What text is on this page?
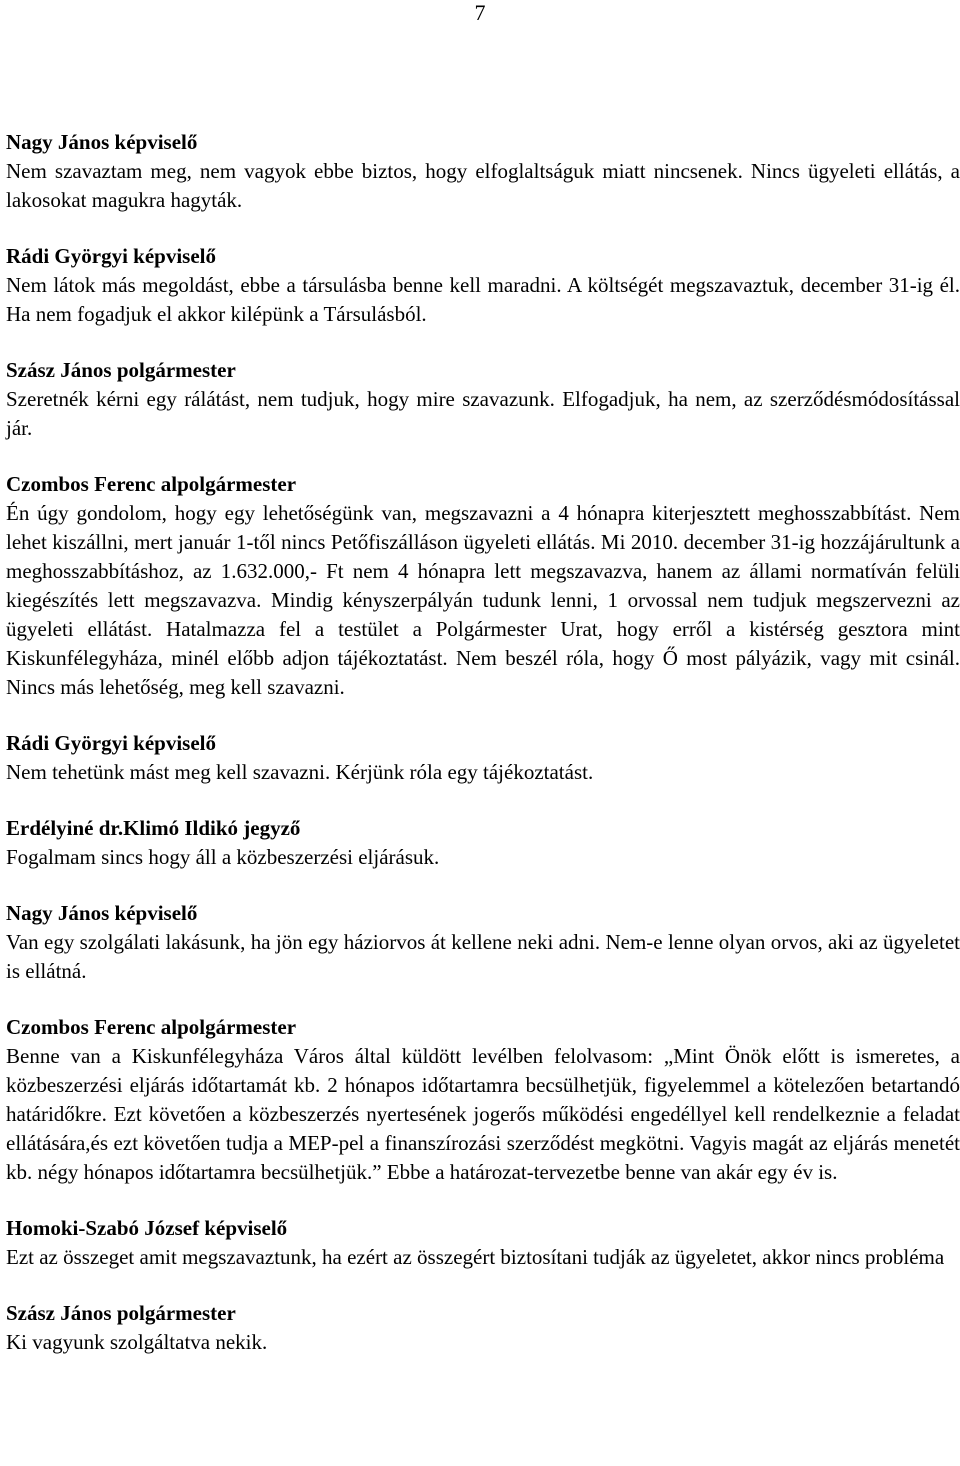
7
Nagy János képviselő

Nem szavaztam meg, nem vagyok ebbe biztos, hogy elfoglaltságuk miatt nincsenek. Nincs ügyeleti ellátás, a lakosokat magukra hagyták.

Rádi Györgyi képviselő

Nem látok más megoldást, ebbe a társulásba benne kell maradni. A költségét megszavaztuk, december 31-ig él. Ha nem fogadjuk el akkor kilépünk a Társulásból.

Szász János polgármester

Szeretnék kérni egy rálátást, nem tudjuk, hogy mire szavazunk. Elfogadjuk, ha nem, az szerződésmódosítással jár.

Czombos Ferenc alpolgármester

Én úgy gondolom, hogy egy lehetőségünk van, megszavazni a 4 hónapra kiterjesztett meghosszabbítást. Nem lehet kiszállni, mert január 1-től nincs Petőfiszálláson ügyeleti ellátás. Mi 2010. december 31-ig hozzájárultunk a meghosszabbításhoz, az 1.632.000,- Ft nem 4 hónapra lett megszavazva, hanem az állami normatíván felüli kiegészítés lett megszavazva. Mindig kényszerpályán tudunk lenni, 1 orvossal nem tudjuk megszervezni az ügyeleti ellátást. Hatalmazza fel a testület a Polgármester Urat, hogy erről a kistérség gesztora mint Kiskunfélegyháza, minél előbb adjon tájékoztatást. Nem beszél róla, hogy Ő most pályázik, vagy mit csinál. Nincs más lehetőség, meg kell szavazni.

Rádi Györgyi képviselő

Nem tehetünk mást meg kell szavazni. Kérjünk róla egy tájékoztatást.

Erdélyiné dr.Klimó Ildikó jegyző

Fogalmam sincs hogy áll a közbeszerzési eljárásuk.

Nagy János képviselő

Van egy szolgálati lakásunk, ha jön egy háziorvos át kellene neki adni. Nem-e lenne olyan orvos, aki az ügyeletet is ellátná.

Czombos Ferenc alpolgármester

Benne van a Kiskunfélegyháza Város által küldött levélben felolvasom: „Mint Önök előtt is ismeretes, a közbeszerzési eljárás időtartamát kb. 2 hónapos időtartamra becsülhetjük, figyelemmel a kötelezően betartandó határidőkre. Ezt követően a közbeszerzés nyertesének jogerős működési engedéllyel kell rendelkeznie a feladat ellátására,és ezt követően tudja a MEP-pel a finanszírozási szerződést megkötni. Vagyis magát az eljárás menetét kb. négy hónapos időtartamra becsülhetjük.” Ebbe a határozat-tervezetbe benne van akár egy év is.

Homoki-Szabó József képviselő

Ezt az összeget amit megszavaztunk, ha ezért az összegért biztosítani tudják az ügyeletet, akkor nincs probléma

Szász János polgármester

Ki vagyunk szolgáltatva nekik.
